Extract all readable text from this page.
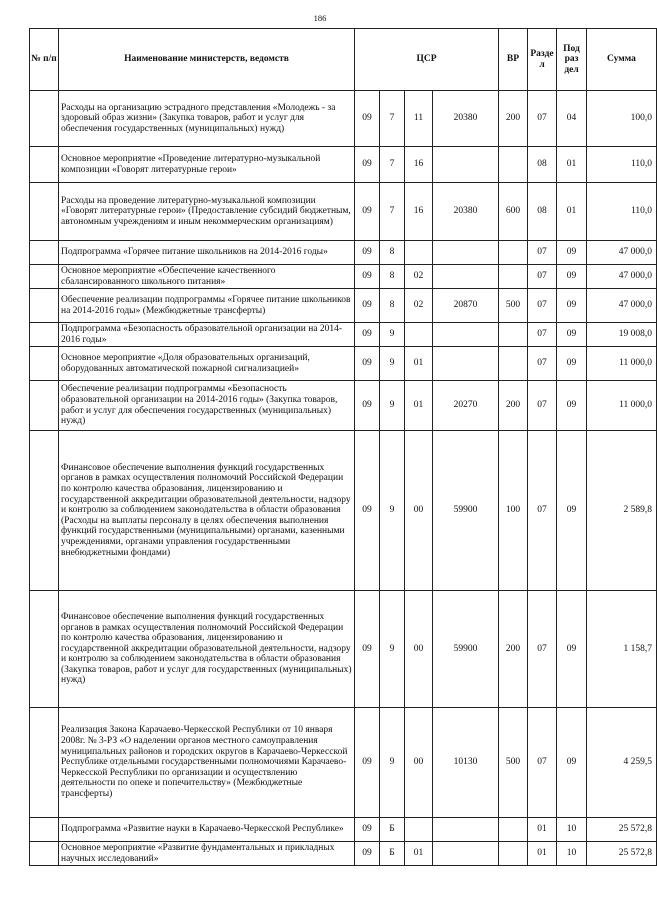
186
№ п/п	Наименование министерств, ведомств	ЦСР				ВР	Разде л	Под раз дел	Сумма
	Расходы на организацию эстрадного представления «Молодежь - за здоровый образ жизни» (Закупка товаров, работ и услуг для обеспечения государственных (муниципальных) нужд)	09	7	11	20380	200	07	04	100,0
	Основное мероприятие «Проведение литературно-музыкальной композиции «Говорят литературные герои»	09	7	16			08	01	110,0
	Расходы на проведение литературно-музыкальной композиции «Говорят литературные герои» (Предоставление субсидий бюджетным, автономным учреждениям и иным некоммерческим организациям)	09	7	16	20380	600	08	01	110,0
	Подпрограмма «Горячее питание школьников на 2014-2016 годы»	09	8				07	09	47 000,0
	Основное мероприятие «Обеспечение качественного сбалансированного школьного питания»	09	8	02			07	09	47 000,0
	Обеспечение реализации подпрограммы «Горячее питание школьников на 2014-2016 годы» (Межбюджетные трансферты)	09	8	02	20870	500	07	09	47 000,0
	Подпрограмма «Безопасность образовательной организации на 2014-2016 годы»	09	9				07	09	19 008,0
	Основное мероприятие «Доля образовательных организаций, оборудованных автоматической пожарной сигнализацией»	09	9	01			07	09	11 000,0
	Обеспечение реализации подпрограммы «Безопасность образовательной организации на 2014-2016 годы» (Закупка товаров, работ и услуг для обеспечения государственных (муниципальных) нужд)	09	9	01	20270	200	07	09	11 000,0
	Финансовое обеспечение выполнения функций государственных органов в рамках осуществления полномочий Российской Федерации по контролю качества образования, лицензированию и государственной аккредитации образовательной деятельности, надзору и контролю за соблюдением законодательства в области образования (Расходы на выплаты персоналу в целях обеспечения выполнения функций государственными (муниципальными) органами, казенными учреждениями, органами управления государственными внебюджетными фондами)	09	9	00	59900	100	07	09	2 589,8
	Финансовое обеспечение выполнения функций государственных органов в рамках осуществления полномочий Российской Федерации по контролю качества образования, лицензированию и государственной аккредитации образовательной деятельности, надзору и контролю за соблюдением законодательства в области образования (Закупка товаров, работ и услуг для государственных (муниципальных) нужд)	09	9	00	59900	200	07	09	1 158,7
	Реализация Закона Карачаево-Черкесской Республики от 10 января 2008г. № 3-РЗ «О наделении органов местного самоуправления муниципальных районов и городских округов в Карачаево-Черкесской Республике отдельными государственными полномочиями Карачаево-Черкесской Республики по организации и осуществлению деятельности по опеке и попечительству» (Межбюджетные трансферты)	09	9	00	10130	500	07	09	4 259,5
	Подпрограмма «Развитие науки в Карачаево-Черкесской Республике»	09	Б				01	10	25 572,8
	Основное мероприятие «Развитие фундаментальных и прикладных научных исследований»	09	Б	01			01	10	25 572,8
